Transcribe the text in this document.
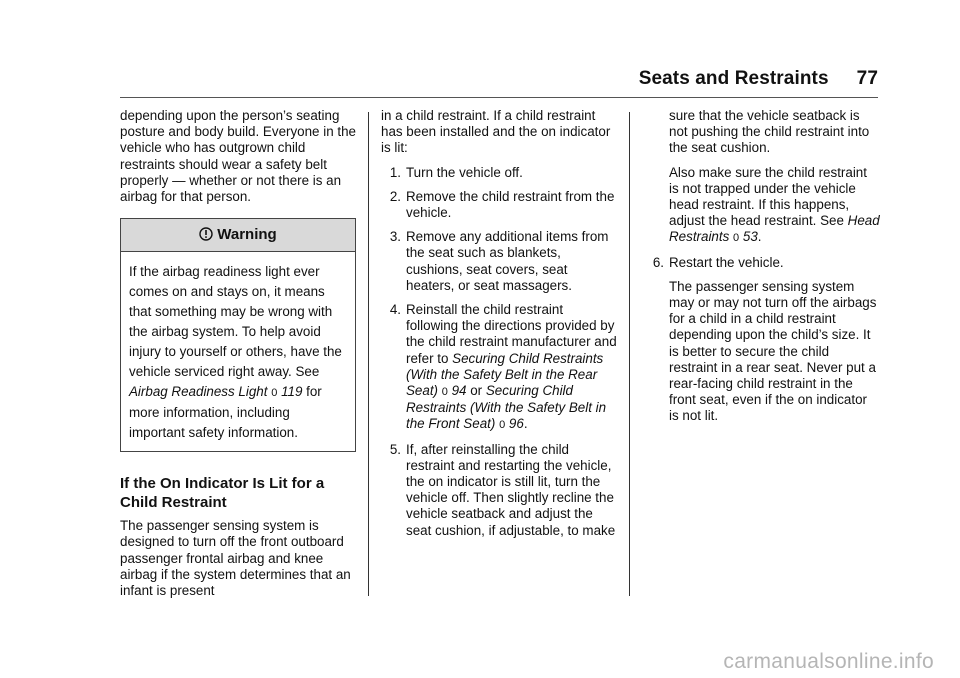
Seats and Restraints 77

depending upon the person’s seating posture and body build. Everyone in the vehicle who has outgrown child restraints should wear a safety belt properly — whether or not there is an airbag for that person.

Warning
If the airbag readiness light ever comes on and stays on, it means that something may be wrong with the airbag system. To help avoid injury to yourself or others, have the vehicle serviced right away. See Airbag Readiness Light 0 119 for more information, including important safety information.
If the On Indicator Is Lit for a Child Restraint

The passenger sensing system is designed to turn off the front outboard passenger frontal airbag and knee airbag if the system determines that an infant is present

in a child restraint. If a child restraint has been installed and the on indicator is lit:

1. Turn the vehicle off.
2. Remove the child restraint from the vehicle.
3. Remove any additional items from the seat such as blankets, cushions, seat covers, seat heaters, or seat massagers.
4. Reinstall the child restraint following the directions provided by the child restraint manufacturer and refer to Securing Child Restraints (With the Safety Belt in the Rear Seat) 0 94 or Securing Child Restraints (With the Safety Belt in the Front Seat) 0 96.
5. If, after reinstalling the child restraint and restarting the vehicle, the on indicator is still lit, turn the vehicle off. Then slightly recline the vehicle seatback and adjust the seat cushion, if adjustable, to make

sure that the vehicle seatback is not pushing the child restraint into the seat cushion.

Also make sure the child restraint is not trapped under the vehicle head restraint. If this happens, adjust the head restraint. See Head Restraints 0 53.

6. Restart the vehicle.

The passenger sensing system may or may not turn off the airbags for a child in a child restraint depending upon the child’s size. It is better to secure the child restraint in a rear seat. Never put a rear-facing child restraint in the front seat, even if the on indicator is not lit.

carmanualsonline.info
